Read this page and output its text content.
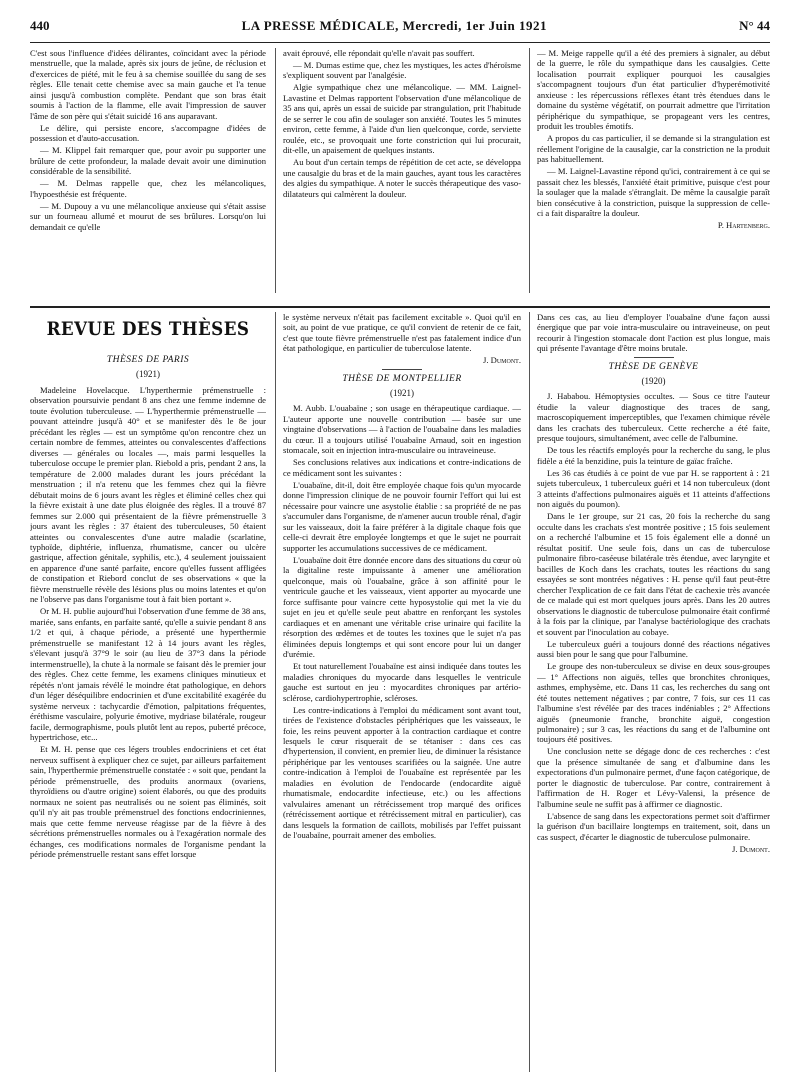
440	LA PRESSE MÉDICALE, Mercredi, 1er Juin 1921	N° 44

C'est sous l'influence d'idées délirantes, coïncidant avec la période menstruelle, que la malade, après six jours de jeûne, de réclusion et d'exercices de piété, mit le feu à sa chemise souillée du sang de ses règles. Elle tenait cette chemise avec sa main gauche et l'a tenue ainsi jusqu'à combustion complète. Pendant que son bras était soumis à l'action de la flamme, elle avait l'impression de sauver l'âme de son père qui s'était suicidé 16 ans auparavant.

Le délire, qui persiste encore, s'accompagne d'idées de possession et d'auto-accusation.

— M. Klippel fait remarquer que, pour avoir pu supporter une brûlure de cette profondeur, la malade devait avoir une diminution considérable de la sensibilité.

— M. Delmas rappelle que, chez les mélancoliques, l'hypoesthésie est fréquente.

— M. Dupouy a vu une mélancolique anxieuse qui s'était assise sur un fourneau allumé et mourut de ses brûlures. Lorsqu'on lui demandait ce qu'elle

avait éprouvé, elle répondait qu'elle n'avait pas souffert.

— M. Dumas estime que, chez les mystiques, les actes d'héroïsme s'expliquent souvent par l'analgésie.

Algie sympathique chez une mélancolique. — MM. Laignel-Lavastine et Delmas rapportent l'observation d'une mélancolique de 35 ans qui, après un essai de suicide par strangulation, prit l'habitude de se serrer le cou afin de soulager son anxiété. Toutes les 5 minutes environ, cette femme, à l'aide d'un lien quelconque, corde, serviette roulée, etc., se provoquait une forte constriction qui lui procurait, dit-elle, un apaisement de quelques instants.

Au bout d'un certain temps de répétition de cet acte, se développa une causalgie du bras et de la main gauches, ayant tous les caractères des algies du sympathique. A noter le succès thérapeutique des vaso-dilatateurs qui calmèrent la douleur.

— M. Meige rappelle qu'il a été des premiers à signaler, au début de la guerre, le rôle du sympathique dans les causalgies. Cette localisation pourrait expliquer pourquoi les causalgies s'accompagnent toujours d'un état particulier d'hyperémotivité anxieuse : les répercussions réflexes étant très étendues dans le domaine du système végétatif, on pourrait admettre que l'irritation périphérique du sympathique, se propageant vers les centres, produit les troubles émotifs.

A propos du cas particulier, il se demande si la strangulation est réellement l'origine de la causalgie, car la constriction ne la produit pas habituellement.

— M. Laignel-Lavastine répond qu'ici, contrairement à ce qui se passait chez les blessés, l'anxiété était primitive, puisque c'est pour la soulager que la malade s'étranglait. De même la causalgie paraît bien consécutive à la constriction, puisque la suppression de celle-ci a fait disparaître la douleur.

P. Hartenberg.

REVUE DES THÈSES
THÈSES DE PARIS
(1921)

Madeleine Hovelacque. L'hyperthermie prémenstruelle : observation poursuivie pendant 8 ans chez une femme indemne de toute évolution tuberculeuse. — L'hyperthermie prémenstruelle — pouvant atteindre jusqu'à 40° et se manifester dès le 8e jour précédant les règles — est un symptôme qu'on rencontre chez un certain nombre de femmes, atteintes ou convalescentes d'affections diverses — générales ou locales —, mais parmi lesquelles la tuberculose occupe le premier plan. Riebold a pris, pendant 2 ans, la température de 2.000 malades durant les jours précédant la menstruation ; il n'a retenu que les femmes chez qui la fièvre débutait moins de 6 jours avant les règles et éliminé celles chez qui la fièvre existait à une date plus éloignée des règles. Il a trouvé 87 femmes sur 2.000 qui présentaient de la fièvre prémenstruelle 3 jours avant les règles : 37 étaient des tuberculeuses, 50 étaient atteintes ou convalescentes d'une autre maladie (scarlatine, typhoïde, diphtérie, influenza, rhumatisme, cancer ou ulcère gastrique, affection génitale, syphilis, etc.), 4 seulement jouissaient en apparence d'une santé parfaite, encore qu'elles fussent affligées de constipation et Riebord conclut de ses observations « que la fièvre menstruelle révèle des lésions plus ou moins latentes et qu'on ne l'observe pas dans l'organisme tout à fait bien portant ».

Or M. H. publie aujourd'hui l'observation d'une femme de 38 ans, mariée, sans enfants, en parfaite santé, qu'elle a suivie pendant 8 ans 1/2 et qui, à chaque période, a présenté une hyperthermie prémenstruelle se manifestant 12 à 14 jours avant les règles, s'élevant jusqu'à 37°9 le soir (au lieu de 37°3 dans la période intermenstruelle), la chute à la normale se faisant dès le premier jour des règles. Chez cette femme, les examens cliniques minutieux et répétés n'ont jamais révélé le moindre état pathologique, en dehors d'un léger déséquilibre endocrinien et d'une excitabilité exagérée du système nerveux : tachycardie d'émotion, palpitations fréquentes, éréthisme vasculaire, polyurie émotive, mydriase bilatérale, rougeur facile, dermographisme, pouls plutôt lent au repos, puberté précoce, hypertrichose, etc...

Et M. H. pense que ces légers troubles endocriniens et cet état nerveux suffisent à expliquer chez ce sujet, par ailleurs parfaitement sain, l'hyperthermie prémenstruelle constatée : « soit que, pendant la période prémenstruelle, des produits anormaux (ovariens, thyroïdiens ou d'autre origine) soient élaborés, ou que des produits normaux ne soient pas neutralisés ou ne soient pas éliminés, soit qu'il n'y ait pas trouble prémenstruel des fonctions endocriniennes, mais que cette femme nerveuse réagisse par de la fièvre à des sécrétions prémenstruelles normales ou à l'exagération normale des échanges, ces modifications normales de l'organisme pendant la période prémenstruelle restant sans effet lorsque

le système nerveux n'était pas facilement excitable ». Quoi qu'il en soit, au point de vue pratique, ce qu'il convient de retenir de ce fait, c'est que toute fièvre prémenstruelle n'est pas fatalement indice d'un état pathologique, en particulier de tuberculose latente.

J. Dumont.

THÈSE DE MONTPELLIER
(1921)

M. Aubb. L'ouabaïne ; son usage en thérapeutique cardiaque. — L'auteur apporte une nouvelle contribution — basée sur une vingtaine d'observations — à l'action de l'ouabaïne dans les maladies du cœur. Il a toujours utilisé l'ouabaïne Arnaud, soit en ingestion stomacale, soit en injection intra-musculaire ou intraveineuse.

Ses conclusions relatives aux indications et contre-indications de ce médicament sont les suivantes :

L'ouabaïne, dit-il, doit être employée chaque fois qu'un myocarde donne l'impression clinique de ne pouvoir fournir l'effort qui lui est nécessaire pour vaincre une asystolie établie : sa propriété de ne pas s'accumuler dans l'organisme, de n'amener aucun trouble rénal, d'agir sur les vaisseaux, doit la faire préférer à la digitale chaque fois que celle-ci devrait être employée longtemps et que le sujet ne pourrait supporter les accumulations successives de ce médicament.

L'ouabaïne doit être donnée encore dans des situations du cœur où la digitaline reste impuissante à amener une amélioration quelconque, mais où l'ouabaïne, grâce à son affinité pour le ventricule gauche et les vaisseaux, vient apporter au myocarde une force suffisante pour vaincre cette hyposystolie qui met la vie du sujet en jeu et qu'elle seule peut abattre en renforçant les systoles cardiaques et en amenant une véritable crise urinaire qui facilite la résorption des œdèmes et de toutes les toxines que le sujet n'a pas éliminées depuis longtemps et qui sont encore pour lui un danger d'urémie.

Et tout naturellement l'ouabaïne est ainsi indiquée dans toutes les maladies chroniques du myocarde dans lesquelles le ventricule gauche est surtout en jeu : myocardites chroniques par artério-sclérose, cardiohypertrophie, scléroses.

Les contre-indications à l'emploi du médicament sont avant tout, tirées de l'existence d'obstacles périphériques que les vaisseaux, le foie, les reins peuvent apporter à la contraction cardiaque et contre lesquels le cœur risquerait de se tétaniser : dans ces cas d'hypertension, il convient, en premier lieu, de diminuer la résistance périphérique par les ventouses scarifiées ou la saignée. Une autre contre-indication à l'emploi de l'ouabaïne est représentée par les maladies en évolution de l'endocarde (endocardite aiguë rhumatismale, endocardite infectieuse, etc.) ou les affections valvulaires amenant un rétrécissement trop marqué des orifices (rétrécissement aortique et rétrécissement mitral en particulier), cas dans lesquels la formation de caillots, mobilisés par l'effet puissant de l'ouabaïne, pourrait amener des embolies.

Dans ces cas, au lieu d'employer l'ouabaïne d'une façon aussi énergique que par voie intra-musculaire ou intraveineuse, on peut recourir à l'ingestion stomacale dont l'action est plus longue, mais qui présente l'avantage d'être moins brutale.

THÈSE DE GENÈVE
(1920)

J. Hababou. Hémoptysies occultes. — Sous ce titre l'auteur étudie la valeur diagnostique des traces de sang, macroscopiquement imperceptibles, que l'examen chimique révèle dans les crachats des tuberculeux. Cette recherche a été faite, presque toujours, simultanément, avec celle de l'albumine.

De tous les réactifs employés pour la recherche du sang, le plus fidèle a été la benzidine, puis la teinture de gaïac fraîche.

Les 36 cas étudiés à ce point de vue par H. se rapportent à : 21 sujets tuberculeux, 1 tuberculeux guéri et 14 non tuberculeux (dont 3 atteints d'affections pulmonaires aiguës et 11 atteints d'affections non aiguës du poumon).

Dans le 1er groupe, sur 21 cas, 20 fois la recherche du sang occulte dans les crachats s'est montrée positive ; 15 fois seulement on a recherché l'albumine et 15 fois également elle a donné un résultat positif. Une seule fois, dans un cas de tuberculose pulmonaire fibro-caséeuse bilatérale très étendue, avec laryngite et bacilles de Koch dans les crachats, toutes les réactions du sang essayées se sont montrées négatives : H. pense qu'il faut peut-être chercher l'explication de ce fait dans l'état de cachexie très avancée de ce malade qui est mort quelques jours après. Dans les 20 autres observations le diagnostic de tuberculose pulmonaire était confirmé à la fois par la clinique, par l'analyse bactériologique des crachats et souvent par l'inoculation au cobaye.

Le tuberculeux guéri a toujours donné des réactions négatives aussi bien pour le sang que pour l'albumine.

Le groupe des non-tuberculeux se divise en deux sous-groupes — 1° Affections non aiguës, telles que bronchites chroniques, asthmes, emphysème, etc. Dans 11 cas, les recherches du sang ont été toutes nettement négatives ; par contre, 7 fois, sur ces 11 cas l'albumine s'est révélée par des traces indéniables ; 2° Affections aiguës (pneumonie franche, bronchite aiguë, congestion pulmonaire) ; sur 3 cas, les réactions du sang et de l'albumine ont toujours été positives.

Une conclusion nette se dégage donc de ces recherches : c'est que la présence simultanée de sang et d'albumine dans les expectorations d'un pulmonaire permet, d'une façon catégorique, de porter le diagnostic de tuberculose. Par contre, contrairement à l'affirmation de H. Roger et Lévy-Valensi, la présence de l'albumine seule ne suffit pas à affirmer ce diagnostic.

L'absence de sang dans les expectorations permet soit d'affirmer la guérison d'un bacillaire longtemps en traitement, soit, dans un cas suspect, d'écarter le diagnostic de tuberculose pulmonaire.

J. Dumont.
